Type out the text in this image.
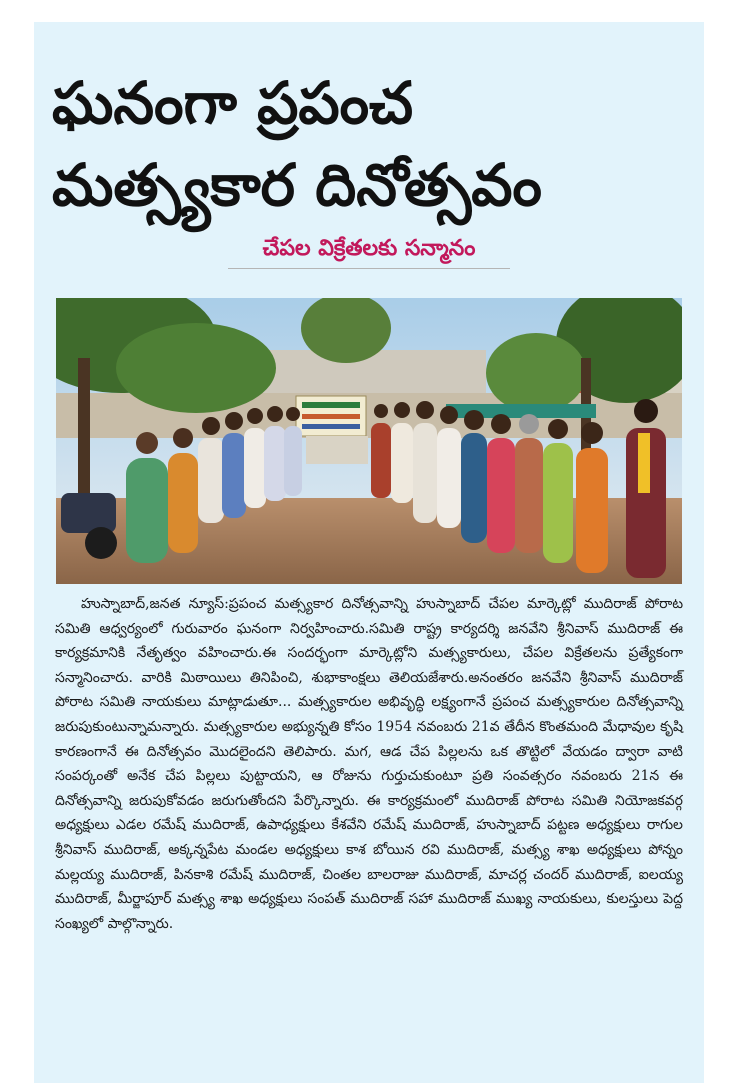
ఘనంగా ప్రపంచ
మత్స్యకార దినోత్సవం
చేపల విక్రేతలకు సన్మానం

హుస్నాబాద్,జనత న్యూస్:ప్రపంచ మత్స్యకార దినోత్సవాన్ని హుస్నాబాద్ చేపల మార్కెట్లో ముదిరాజ్ పోరాట సమితి ఆధ్వర్యంలో గురువారం ఘనంగా నిర్వహించారు.సమితి రాష్ట్ర కార్యదర్శి జనవేని శ్రీనివాస్ ముదిరాజ్ ఈ కార్యక్రమానికి నేతృత్వం వహించారు.ఈ సందర్భంగా మార్కెట్లోని మత్స్యకారులు, చేపల విక్రేతలను ప్రత్యేకంగా సన్మానించారు. వారికి మిఠాయిలు తినిపించి, శుభాకాంక్షలు తెలియజేశారు.అనంతరం జనవేని శ్రీనివాస్ ముదిరాజ్ పోరాట సమితి నాయకులు మాట్లాడుతూ... మత్స్యకారుల అభివృద్ధి లక్ష్యంగానే ప్రపంచ మత్స్యకారుల దినోత్సవాన్ని జరుపుకుంటున్నామన్నారు. మత్స్యకారుల అభ్యున్నతి కోసం 1954 నవంబరు 21వ తేదీన కొంతమంది మేధావుల కృషి కారణంగానే ఈ దినోత్సవం మొదలైందని తెలిపారు. మగ, ఆడ చేప పిల్లలను ఒక తొట్టిలో వేయడం ద్వారా వాటి సంపర్కంతో అనేక చేప పిల్లలు పుట్టాయని, ఆ రోజును గుర్తుచుకుంటూ ప్రతి సంవత్సరం నవంబరు 21న ఈ దినోత్సవాన్ని జరుపుకోవడం జరుగుతోందని పేర్కొన్నారు. ఈ కార్యక్రమంలో ముదిరాజ్ పోరాట సమితి నియోజకవర్గ అధ్యక్షులు ఎడల రమేష్ ముదిరాజ్, ఉపాధ్యక్షులు కేశవేని రమేష్ ముదిరాజ్, హుస్నాబాద్ పట్టణ అధ్యక్షులు రాగుల శ్రీనివాస్ ముదిరాజ్, అక్కన్నపేట మండల అధ్యక్షులు కాశ బోయిన రవి ముదిరాజ్, మత్స్య శాఖ అధ్యక్షులు పోన్నం మల్లయ్య ముదిరాజ్, పినకాశి రమేష్ ముదిరాజ్, చింతల బాలరాజు ముదిరాజ్, మాచర్ల చందర్ ముదిరాజ్, ఐలయ్య ముదిరాజ్, మీర్జాపూర్ మత్స్య శాఖ అధ్యక్షులు సంపత్ ముదిరాజ్ సహా ముదిరాజ్ ముఖ్య నాయకులు, కులస్తులు పెద్ద సంఖ్యలో పాల్గొన్నారు.
